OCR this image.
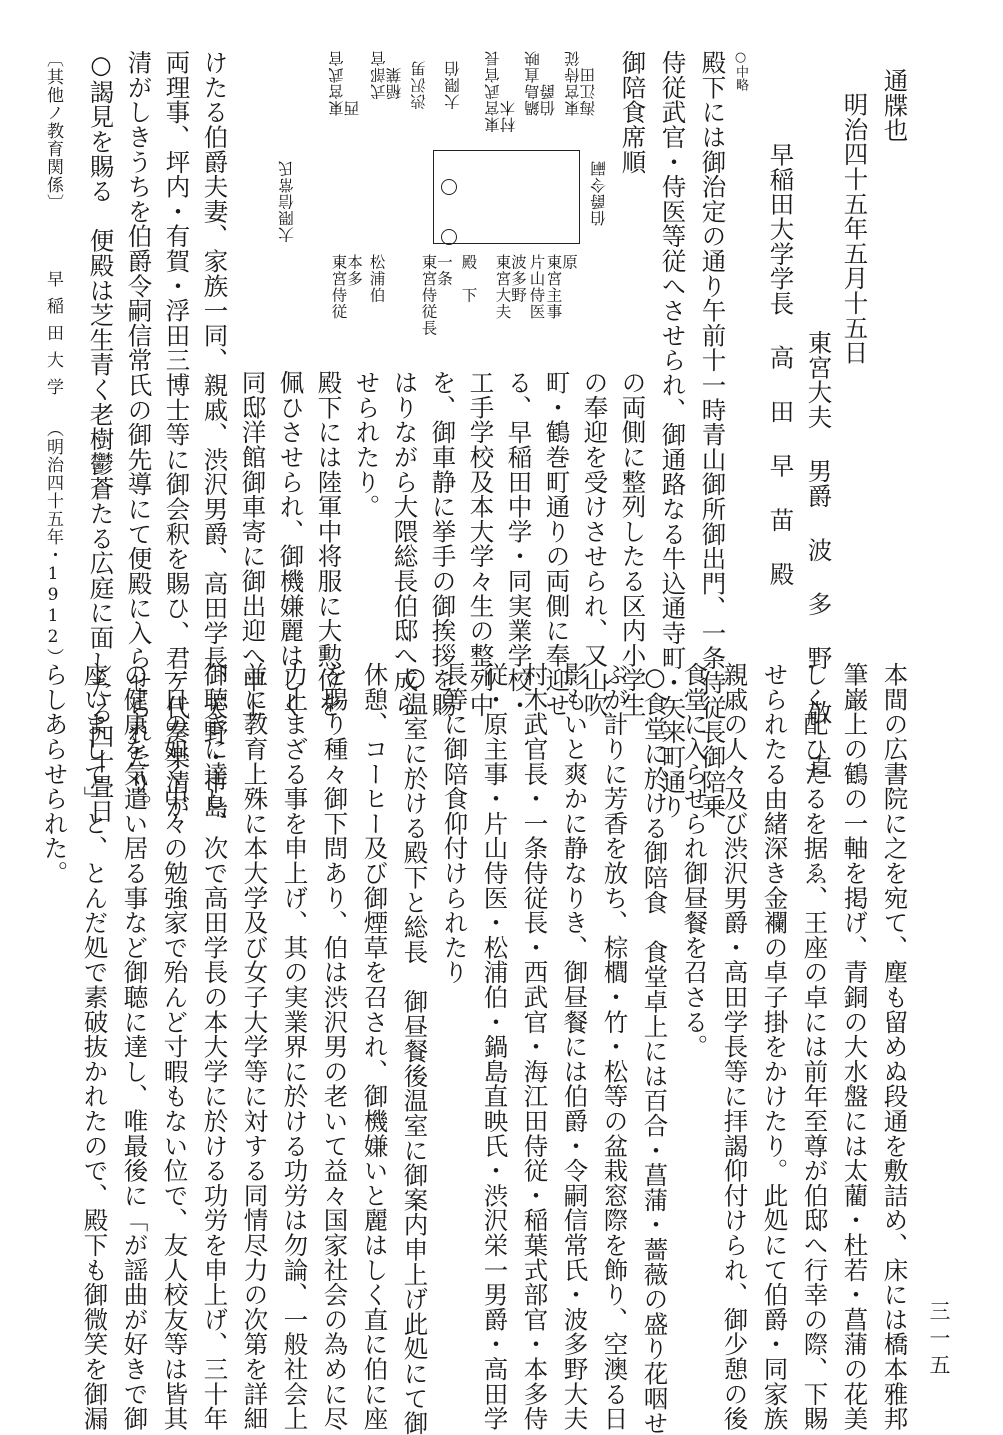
通牒也
明治四十五年五月十五日
東宮大夫 男爵 波 多 野 敬 直
早稲田大学学長 高 田 早 苗 殿
○中略
殿下には御治定の通り午前十一時青山御所御出門、一条侍従長御陪乗
侍従武官・侍医等従へさせられ、御通路なる牛込通寺町・矢来町通り
御陪食席順
の両側に整列したる区内小学生
の奉迎を受けさせられ、又山吹
町・鶴巻町通りの両側に奉迎せ
る、早稲田中学・同実業学校・
工手学校及本大学々生の整列中
を、御車静に挙手の御挨拶を賜
はりながら大隈総長伯邸へ成ら
せられたり。
殿下には陸軍中将服に大勲位を
佩ひさせられ、御機嫌麗はしく
同邸洋館御車寄に御出迎へ申上
けたる伯爵夫妻、家族一同、親戚、渋沢男爵、高田学長、天野・市島
両理事、坪内・有賀・浮田三博士等に御会釈を賜ひ、君ケ代奏楽清が
清がしきうちを伯爵令嗣信常氏の御先導にて便殿に入らせられたり。
○謁見を賜る　便殿は芝生青く老樹鬱蒼たる広庭に面したる四十畳日	伯爵令嗣
原
東宮主事
片山侍医
波多野
東宮大夫
殿　下
一条
東宮侍従長
松浦伯
本多
東宮侍従
東宮侍従
海江田
鍋島直映
伯爵
東宮武官長
村木
大隈伯
渋沢男
式部官
稲葉
東宮武官
西
大隈信常氏
本間の広書院に之を宛て、塵も留めぬ段通を敷詰め、床には橋本雅邦
筆巌上の鶴の一軸を掲げ、青銅の大水盤には太藺・杜若・菖蒲の花美
しく配ひたるを据ゑ、王座の卓には前年至尊が伯邸へ行幸の際、下賜
せられたる由緒深き金襴の卓子掛をかけたり。此処にて伯爵・同家族
親戚の人々及び渋沢男爵・高田学長等に拝謁仰付けられ、御少憩の後
食堂に入らせられ御昼餐を召さる。
○食堂に於ける御陪食　食堂卓上には百合・菖蒲・薔薇の盛り花咽せ
ぶが計りに芳香を放ち、棕櫚・竹・松等の盆栽窓際を飾り、空澳る日
影もいと爽かに静なりき、御昼餐には伯爵・令嗣信常氏・波多野大夫
村木武官長・一条侍従長・西武官・海江田侍従・稲葉式部官・本多侍
従・原主事・片山侍医・松浦伯・鍋島直映氏・渋沢栄一男爵・高田学
長等に御陪食仰付けられたり
○温室に於ける殿下と総長　御昼餐後温室に御案内申上げ此処にて御
休憩、コーヒー及び御煙草を召され、御機嫌いと麗はしく直に伯に座
を賜り種々御下問あり、伯は渋沢男の老いて益々国家社会の為めに尽
力止まざる事を申上げ、其の実業界に於ける功労は勿論、一般社会上
並に教育上殊に本大学及び女子大学等に対する同情尽力の次第を詳細
御聴きに達し、次で高田学長の本大学に於ける功労を申上げ、三十年
一日の如く中々の勉強家で殆んど寸暇もない位で、友人校友等は皆其
の健康を気遣い居る事など御聴に達し、唯最後に「が謡曲が好きで御
座いまして」と、とんだ処で素破抜かれたので、殿下も御微笑を御漏
らしあらせられた。
〔其他ノ教育関係〕
早稲田大学
（明治四十五年・1912）
三一五
